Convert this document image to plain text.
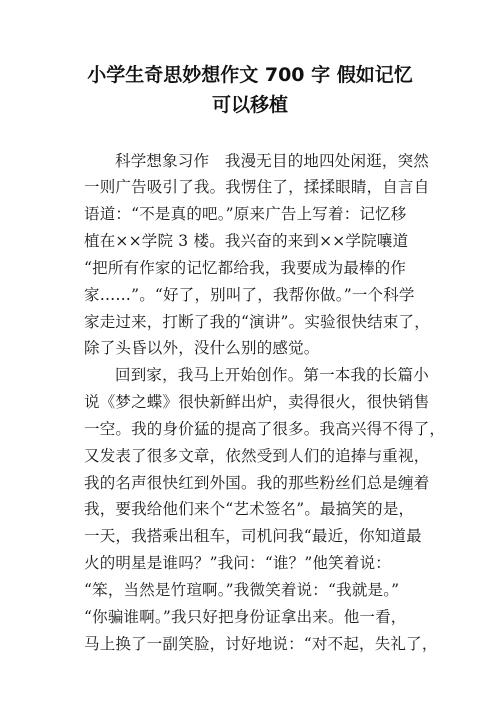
小学生奇思妙想作文 700 字 假如记忆
可以移植
科学想象习作　我漫无目的地四处闲逛，突然
一则广告吸引了我。我愣住了，揉揉眼睛，自言自
语道：“不是真的吧。”原来广告上写着：记忆移
植在××学院 3 楼。我兴奋的来到××学院嚷道
“把所有作家的记忆都给我，我要成为最棒的作
家……”。“好了，别叫了，我帮你做。”一个科学
家走过来，打断了我的“演讲”。实验很快结束了，
除了头昏以外，没什么别的感觉。
回到家，我马上开始创作。第一本我的长篇小
说《梦之蝶》很快新鲜出炉，卖得很火，很快销售
一空。我的身价猛的提高了很多。我高兴得不得了，
又发表了很多文章，依然受到人们的追捧与重视，
我的名声很快红到外国。我的那些粉丝们总是缠着
我，要我给他们来个“艺术签名”。最搞笑的是，
一天，我搭乘出租车，司机问我“最近，你知道最
火的明星是谁吗？”我问：“谁？”他笑着说：
“笨，当然是竹瑄啊。”我微笑着说：“我就是。”
“你骗谁啊。”我只好把身份证拿出来。他一看，
马上换了一副笑脸，讨好地说：“对不起，失礼了，
